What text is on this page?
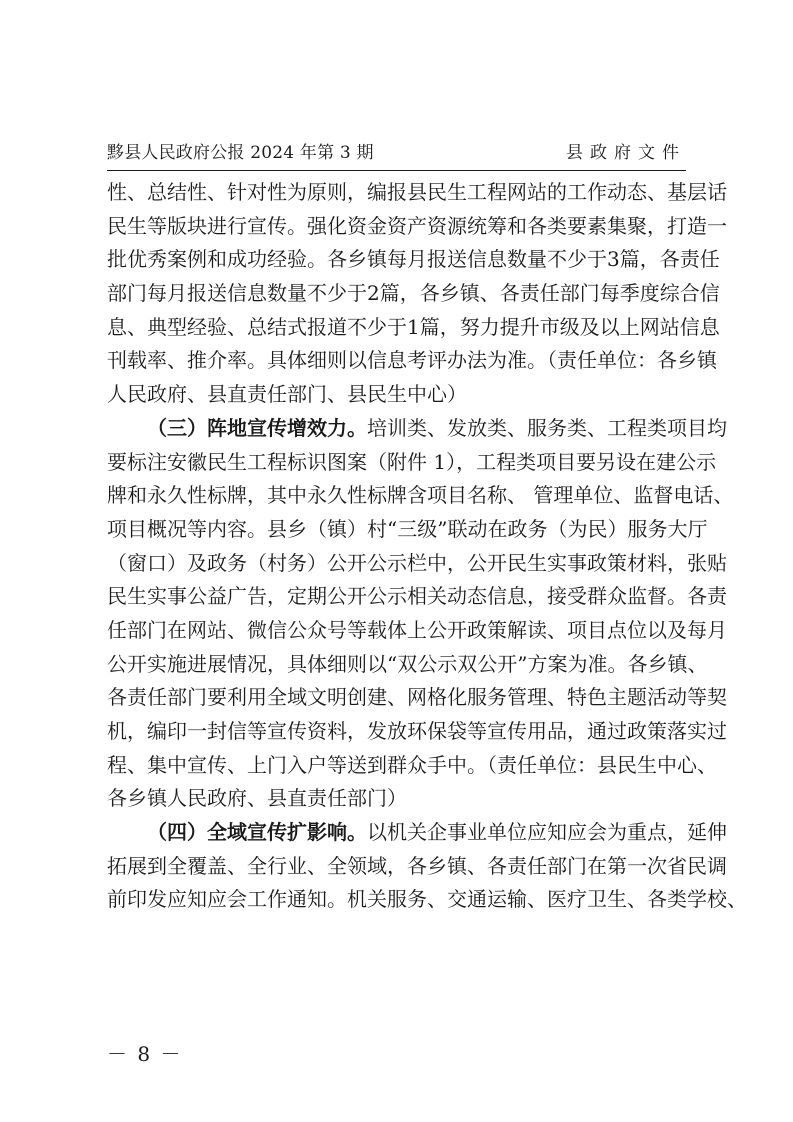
黟县人民政府公报 2024 年第 3 期	县政府文件
性、总结性、针对性为原则，编报县民生工程网站的工作动态、基层话
民生等版块进行宣传。强化资金资产资源统筹和各类要素集聚，打造一
批优秀案例和成功经验。各乡镇每月报送信息数量不少于3篇，各责任
部门每月报送信息数量不少于2篇，各乡镇、各责任部门每季度综合信
息、典型经验、总结式报道不少于1篇，努力提升市级及以上网站信息
刊载率、推介率。具体细则以信息考评办法为准。（责任单位：各乡镇
人民政府、县直责任部门、县民生中心）
（三）阵地宣传增效力。培训类、发放类、服务类、工程类项目均
要标注安徽民生工程标识图案（附件 1），工程类项目要另设在建公示
牌和永久性标牌，其中永久性标牌含项目名称、 管理单位、监督电话、
项目概况等内容。县乡（镇）村“三级”联动在政务（为民）服务大厅
（窗口）及政务（村务）公开公示栏中，公开民生实事政策材料，张贴
民生实事公益广告，定期公开公示相关动态信息，接受群众监督。各责
任部门在网站、微信公众号等载体上公开政策解读、项目点位以及每月
公开实施进展情况，具体细则以“双公示双公开”方案为准。各乡镇、
各责任部门要利用全域文明创建、网格化服务管理、特色主题活动等契
机，编印一封信等宣传资料，发放环保袋等宣传用品，通过政策落实过
程、集中宣传、上门入户等送到群众手中。（责任单位：县民生中心、
各乡镇人民政府、县直责任部门）
（四）全域宣传扩影响。以机关企事业单位应知应会为重点，延伸
拓展到全覆盖、全行业、全领域，各乡镇、各责任部门在第一次省民调
前印发应知应会工作通知。机关服务、交通运输、医疗卫生、各类学校、
－ 8 －
